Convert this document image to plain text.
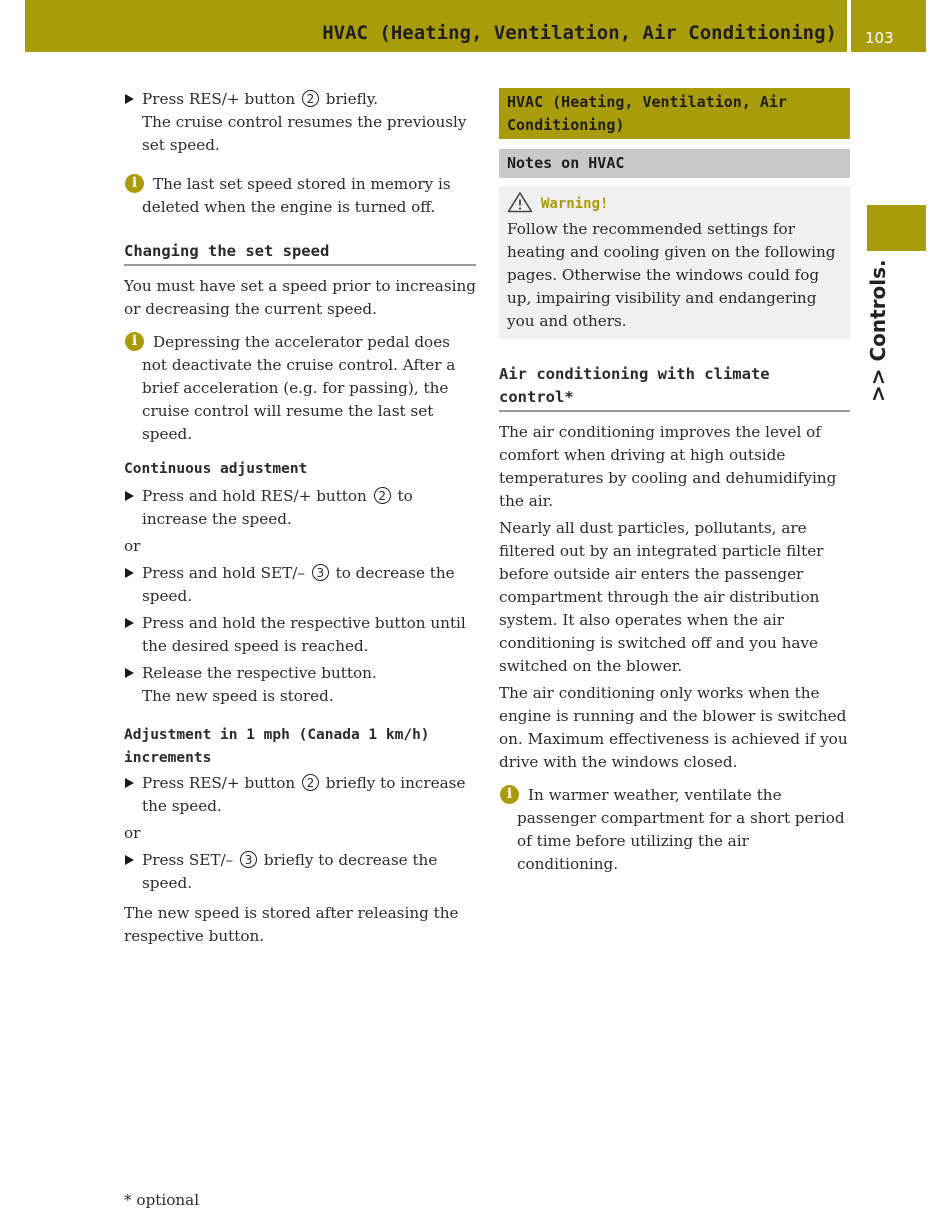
HVAC (Heating, Ventilation, Air Conditioning) 103
>> Controls.
Press RES/+ button 2 briefly.

The cruise control resumes the previously set speed.

i	The last set speed stored in memory is deleted when the engine is turned off.
Changing the set speed

You must have set a speed prior to increasing or decreasing the current speed.

i	Depressing the accelerator pedal does not deactivate the cruise control. After a brief acceleration (e.g. for passing), the cruise control will resume the last set speed.
Continuous adjustment
Press and hold RES/+ button 2 to increase the speed.

or

Press and hold SET/– 3 to decrease the speed.
Press and hold the respective button until the desired speed is reached.
Release the respective button.

The new speed is stored.

Adjustment in 1 mph (Canada 1 km/h) increments
Press RES/+ button 2 briefly to increase the speed.

or

Press SET/– 3 briefly to decrease the speed.

The new speed is stored after releasing the respective button.

HVAC (Heating, Ventilation, Air Conditioning)
Notes on HVAC
Warning!

Follow the recommended settings for heating and cooling given on the following pages. Otherwise the windows could fog up, impairing visibility and endangering you and others.

Air conditioning with climate control*

The air conditioning improves the level of comfort when driving at high outside temperatures by cooling and dehumidifying the air.

Nearly all dust particles, pollutants, are filtered out by an integrated particle filter before outside air enters the passenger compartment through the air distribution system. It also operates when the air conditioning is switched off and you have switched on the blower.

The air conditioning only works when the engine is running and the blower is switched on. Maximum effectiveness is achieved if you drive with the windows closed.

i	In warmer weather, ventilate the passenger compartment for a short period of time before utilizing the air conditioning.
* optional
